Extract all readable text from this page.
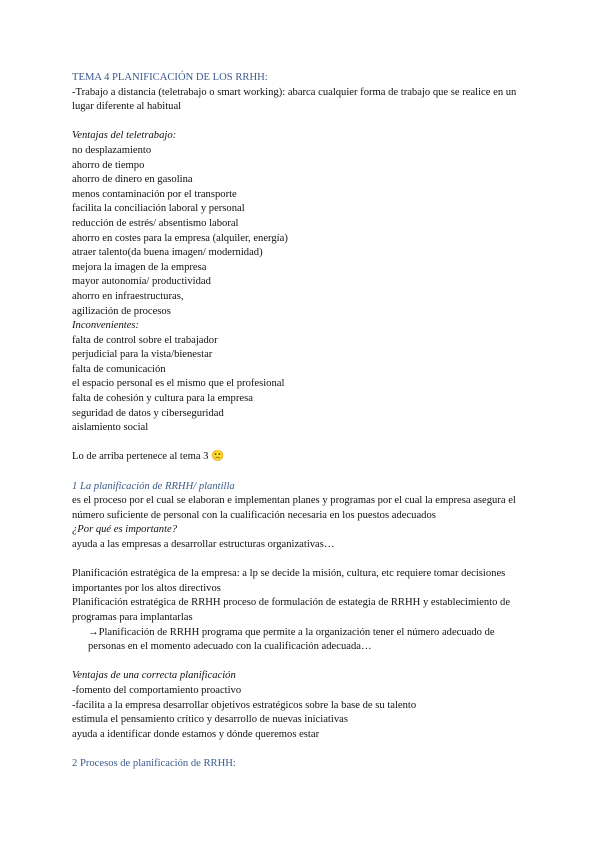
TEMA 4 PLANIFICACIÓN DE LOS RRHH:
-Trabajo a distancia (teletrabajo o smart working): abarca cualquier forma de trabajo que se realice en un lugar diferente al habitual
Ventajas del teletrabajo:
no desplazamiento
ahorro de tiempo
ahorro de dinero en gasolina
menos contaminación por el transporte
facilita la conciliación laboral y personal
reducción de estrés/ absentismo laboral
ahorro en costes para la empresa (alquiler, energía)
atraer talento(da buena imagen/ modernidad)
mejora la imagen de la empresa
mayor autonomía/ productividad
ahorro en infraestructuras,
agilización de procesos
Inconvenientes:
falta de control sobre el trabajador
perjudicial para la vista/bienestar
falta de comunicación
el espacio personal es el mismo que el profesional
falta de cohesión y cultura para la empresa
seguridad de datos y ciberseguridad
aislamiento social
Lo de arriba pertenece al tema 3 🙁
1 La planificación de RRHH/ plantilla
es el proceso por el cual se elaboran e implementan planes y programas por el cual la empresa asegura el número suficiente de personal con la cualificación necesaria en los puestos adecuados
¿Por qué es importante?
ayuda a las empresas a desarrollar estructuras organizativas…
Planificación estratégica de la empresa: a lp se decide la misión, cultura, etc requiere tomar decisiones importantes por los altos directivos
Planificación estratégica de RRHH proceso de formulación de estategia de RRHH y establecimiento de programas para implantarlas
→Planificación de RRHH programa que permite a la organización tener el número adecuado de personas en el momento adecuado con la cualificación adecuada…
Ventajas de una correcta planificación
-fomento del comportamiento proactivo
-facilita a la empresa desarrollar objetivos estratégicos sobre la base de su talento
estimula el pensamiento crítico y desarrollo de nuevas iniciativas
ayuda a identificar donde estamos y dónde queremos estar
2 Procesos de planificación de RRHH:
